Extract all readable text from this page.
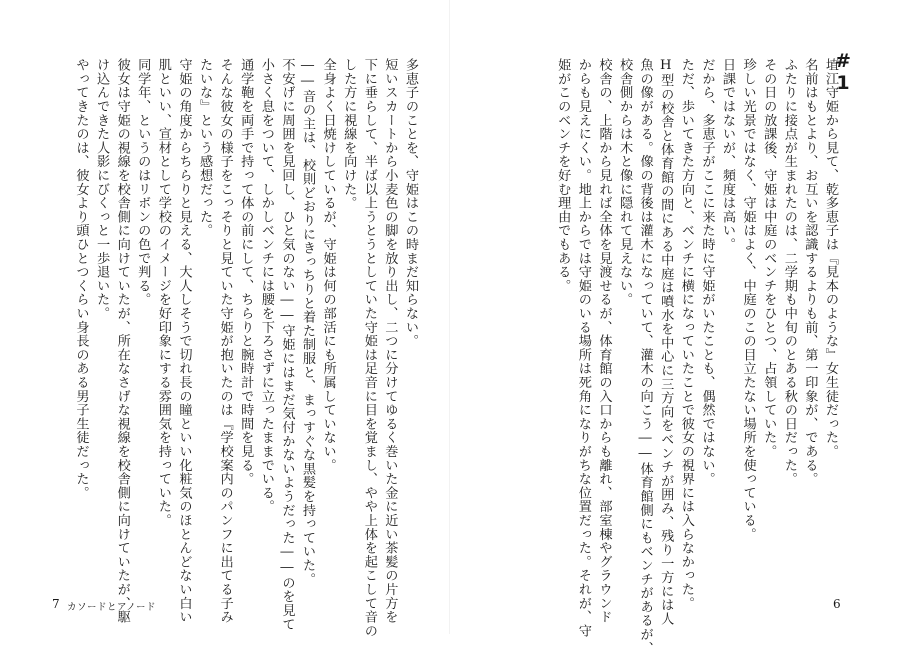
#
1

埴江守姫から見て、乾多恵子は『見本のような』女生徒だった。

名前はもとより、お互いを認識するよりも前、第一印象が、である。

ふたりに接点が生まれたのは、二学期も中旬のとある秋の日だった。

その日の放課後、守姫は中庭のベンチをひとつ、占領していた。

珍しい光景ではなく、守姫はよく、中庭のこの目立たない場所を使っている。

日課ではないが、頻度は高い。

だから、多恵子がここに来た時に守姫がいたことも、偶然ではない。

ただ、歩いてきた方向と、ベンチに横になっていたことで彼女の視界には入らなかった。

H型の校舎と体育館の間にある中庭は噴水を中心に三方向をベンチが囲み、残り一方には人

魚の像がある。像の背後は灌木になっていて、灌木の向こう――体育館側にもベンチがあるが、

校舎側からは木と像に隠れて見えない。

校舎の、上階から見れば全体を見渡せるが、体育館の入口からも離れ、部室棟やグラウンド

からも見えにくい。地上からでは守姫のいる場所は死角になりがちな位置だった。それが、守

姫がこのベンチを好む理由でもある。

多恵子のことを、守姫はこの時まだ知らない。

短いスカートから小麦色の脚を放り出し、二つに分けてゆるく巻いた金に近い茶髪の片方を

下に垂らして、半ば以上うとうとしていた守姫は足音に目を覚まし、やや上体を起こして音の

した方に視線を向けた。

全身よく日焼けしているが、守姫は何の部活にも所属していない。

――音の主は、校則どおりにきっちりと着た制服と、まっすぐな黒髪を持っていた。

不安げに周囲を見回し、ひと気のない――守姫にはまだ気付かないようだった――のを見て

小さく息をついて、しかしベンチには腰を下ろさずに立ったままでいる。

通学鞄を両手で持って体の前にして、ちらりと腕時計で時間を見る。

そんな彼女の様子をこっそりと見ていた守姫が抱いたのは『学校案内のパンフに出てる子み

たいな』という感想だった。

守姫の角度からちらりと見える、大人しそうで切れ長の瞳といい化粧気のほとんどない白い

肌といい、宣材として学校のイメージを好印象にする雰囲気を持っていた。

同学年、というのはリボンの色で判る。

彼女は守姫の視線を校舎側に向けていたが、所在なさげな視線を校舎側に向けていたが、駆

け込んできた人影にびくっと一歩退いた。

やってきたのは、彼女より頭ひとつくらい身長のある男子生徒だった。

7 カソードとアノード	6
